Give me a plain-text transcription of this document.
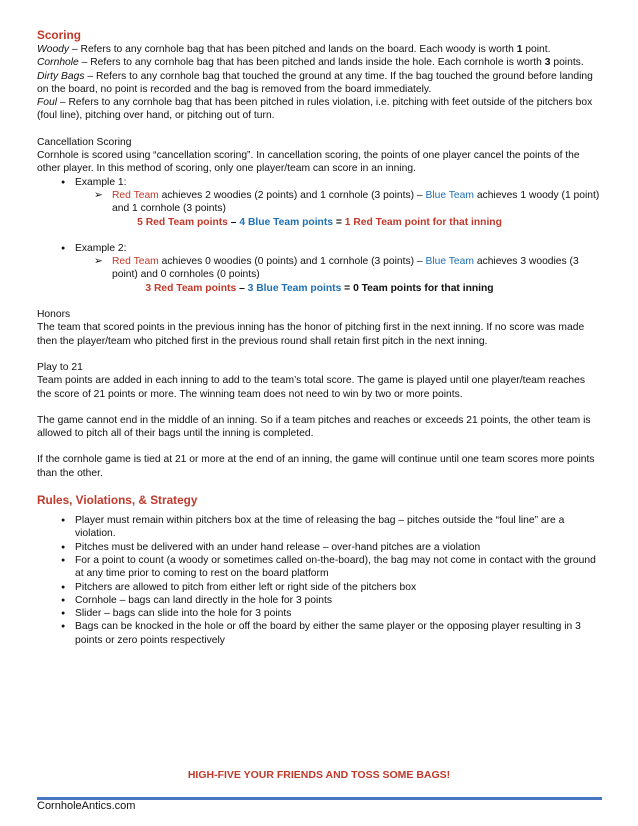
Scoring

Woody – Refers to any cornhole bag that has been pitched and lands on the board. Each woody is worth 1 point.

Cornhole – Refers to any cornhole bag that has been pitched and lands inside the hole. Each cornhole is worth 3 points.

Dirty Bags – Refers to any cornhole bag that touched the ground at any time. If the bag touched the ground before landing on the board, no point is recorded and the bag is removed from the board immediately.

Foul – Refers to any cornhole bag that has been pitched in rules violation, i.e. pitching with feet outside of the pitchers box (foul line), pitching over hand, or pitching out of turn.

Cancellation Scoring

Cornhole is scored using “cancellation scoring”. In cancellation scoring, the points of one player cancel the points of the other player. In this method of scoring, only one player/team can score in an inning.

● Example 1:
➢ Red Team achieves 2 woodies (2 points) and 1 cornhole (3 points) – Blue Team achieves 1 woody (1 point) and 1 cornhole (3 points)

5 Red Team points – 4 Blue Team points = 1 Red Team point for that inning

● Example 2:
➢ Red Team achieves 0 woodies (0 points) and 1 cornhole (3 points) – Blue Team achieves 3 woodies (3 point) and 0 cornholes (0 points)

3 Red Team points – 3 Blue Team points = 0 Team points for that inning

Honors

The team that scored points in the previous inning has the honor of pitching first in the next inning. If no score was made then the player/team who pitched first in the previous round shall retain first pitch in the next inning.

Play to 21

Team points are added in each inning to add to the team’s total score. The game is played until one player/team reaches the score of 21 points or more. The winning team does not need to win by two or more points.

The game cannot end in the middle of an inning. So if a team pitches and reaches or exceeds 21 points, the other team is allowed to pitch all of their bags until the inning is completed.

If the cornhole game is tied at 21 or more at the end of an inning, the game will continue until one team scores more points than the other.

Rules, Violations, & Strategy
● Player must remain within pitchers box at the time of releasing the bag – pitches outside the “foul line” are a violation.
● Pitches must be delivered with an under hand release – over-hand pitches are a violation
● For a point to count (a woody or sometimes called on-the-board), the bag may not come in contact with the ground at any time prior to coming to rest on the board platform
● Pitchers are allowed to pitch from either left or right side of the pitchers box
● Cornhole – bags can land directly in the hole for 3 points
● Slider – bags can slide into the hole for 3 points
● Bags can be knocked in the hole or off the board by either the same player or the opposing player resulting in 3 points or zero points respectively
HIGH-FIVE YOUR FRIENDS AND TOSS SOME BAGS!
CornholeAntics.com
